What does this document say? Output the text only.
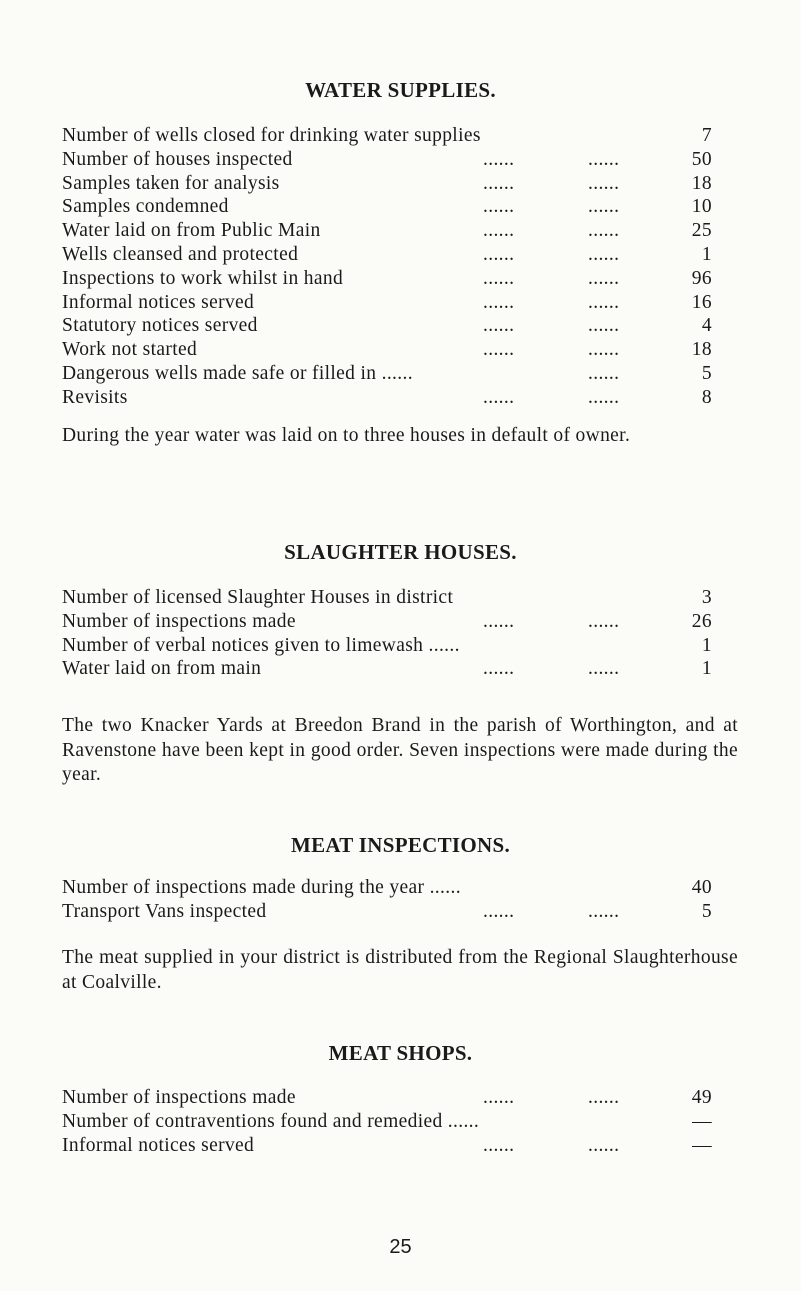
WATER SUPPLIES.
Number of wells closed for drinking water supplies	7
Number of houses inspected	......	......	50
Samples taken for analysis	......	......	18
Samples condemned	......	......	10
Water laid on from Public Main	......	......	25
Wells cleansed and protected	......	......	1
Inspections to work whilst in hand	......	......	96
Informal notices served	......	......	16
Statutory notices served	......	......	4
Work not started	......	......	18
Dangerous wells made safe or filled in ......	......	5
Revisits	......	......	8
During the year water was laid on to three houses in default of owner.
SLAUGHTER HOUSES.
Number of licensed Slaughter Houses in district	3
Number of inspections made	......	......	26
Number of verbal notices given to limewash ......	1
Water laid on from main	......	......	1
The two Knacker Yards at Breedon Brand in the parish of Worthington, and at Ravenstone have been kept in good order. Seven inspections were made during the year.
MEAT INSPECTIONS.
Number of inspections made during the year ......	40
Transport Vans inspected	......	......	5
The meat supplied in your district is distributed from the Regional Slaughterhouse at Coalville.
MEAT SHOPS.
Number of inspections made	......	......	49
Number of contraventions found and remedied ......	—
Informal notices served	......	......	—
25
